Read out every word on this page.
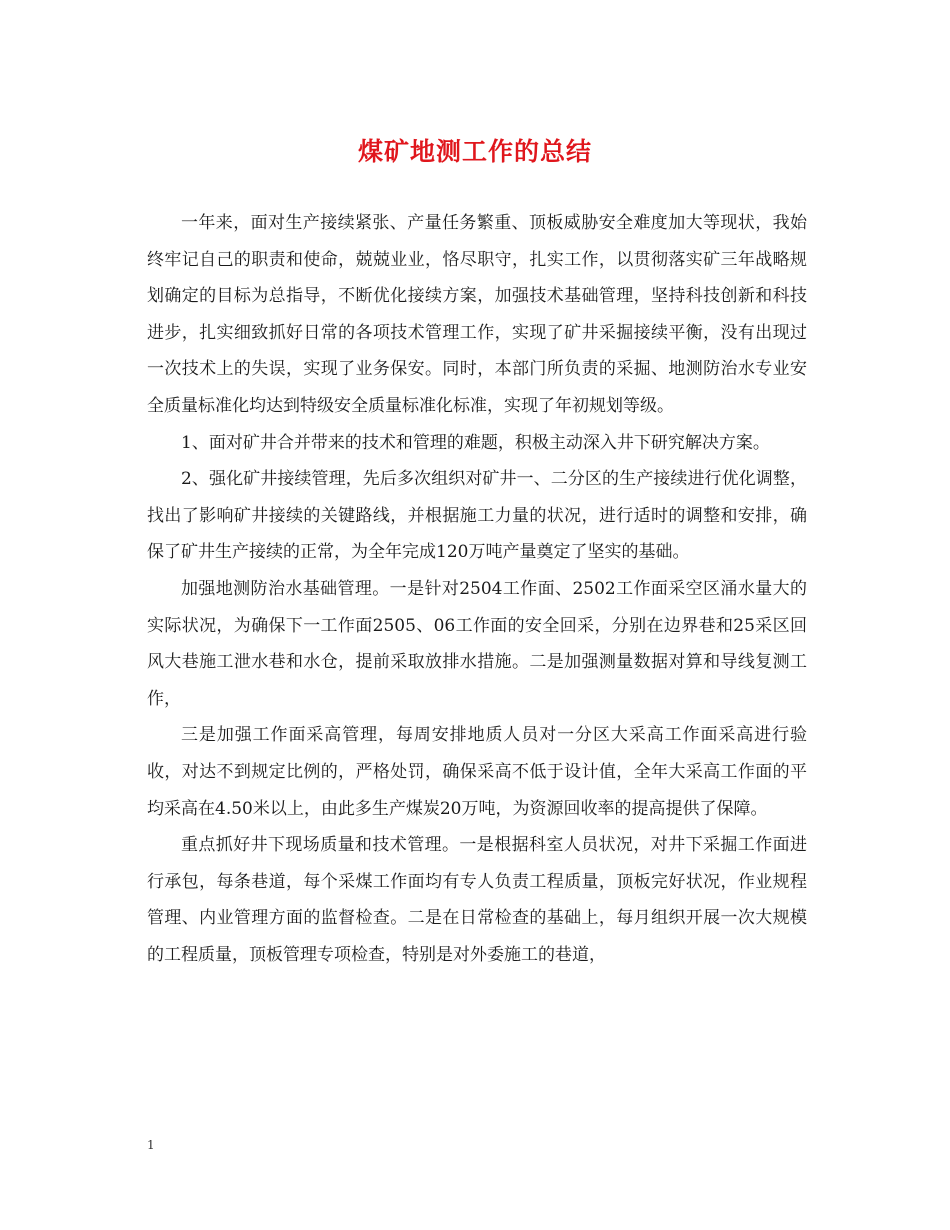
煤矿地测工作的总结

一年来，面对生产接续紧张、产量任务繁重、顶板威胁安全难度加大等现状，我始终牢记自己的职责和使命，兢兢业业，恪尽职守，扎实工作，以贯彻落实矿三年战略规划确定的目标为总指导，不断优化接续方案，加强技术基础管理，坚持科技创新和科技进步，扎实细致抓好日常的各项技术管理工作，实现了矿井采掘接续平衡，没有出现过一次技术上的失误，实现了业务保安。同时，本部门所负责的采掘、地测防治水专业安全质量标准化均达到特级安全质量标准化标准，实现了年初规划等级。

1、面对矿井合并带来的技术和管理的难题，积极主动深入井下研究解决方案。

2、强化矿井接续管理，先后多次组织对矿井一、二分区的生产接续进行优化调整，找出了影响矿井接续的关键路线，并根据施工力量的状况，进行适时的调整和安排，确保了矿井生产接续的正常，为全年完成120万吨产量奠定了坚实的基础。

加强地测防治水基础管理。一是针对2504工作面、2502工作面采空区涌水量大的实际状况，为确保下一工作面2505、06工作面的安全回采，分别在边界巷和25采区回风大巷施工泄水巷和水仓，提前采取放排水措施。二是加强测量数据对算和导线复测工作，

三是加强工作面采高管理，每周安排地质人员对一分区大采高工作面采高进行验收，对达不到规定比例的，严格处罚，确保采高不低于设计值，全年大采高工作面的平均采高在4.50米以上，由此多生产煤炭20万吨，为资源回收率的提高提供了保障。

重点抓好井下现场质量和技术管理。一是根据科室人员状况，对井下采掘工作面进行承包，每条巷道，每个采煤工作面均有专人负责工程质量，顶板完好状况，作业规程管理、内业管理方面的监督检查。二是在日常检查的基础上，每月组织开展一次大规模的工程质量，顶板管理专项检查，特别是对外委施工的巷道，

1
